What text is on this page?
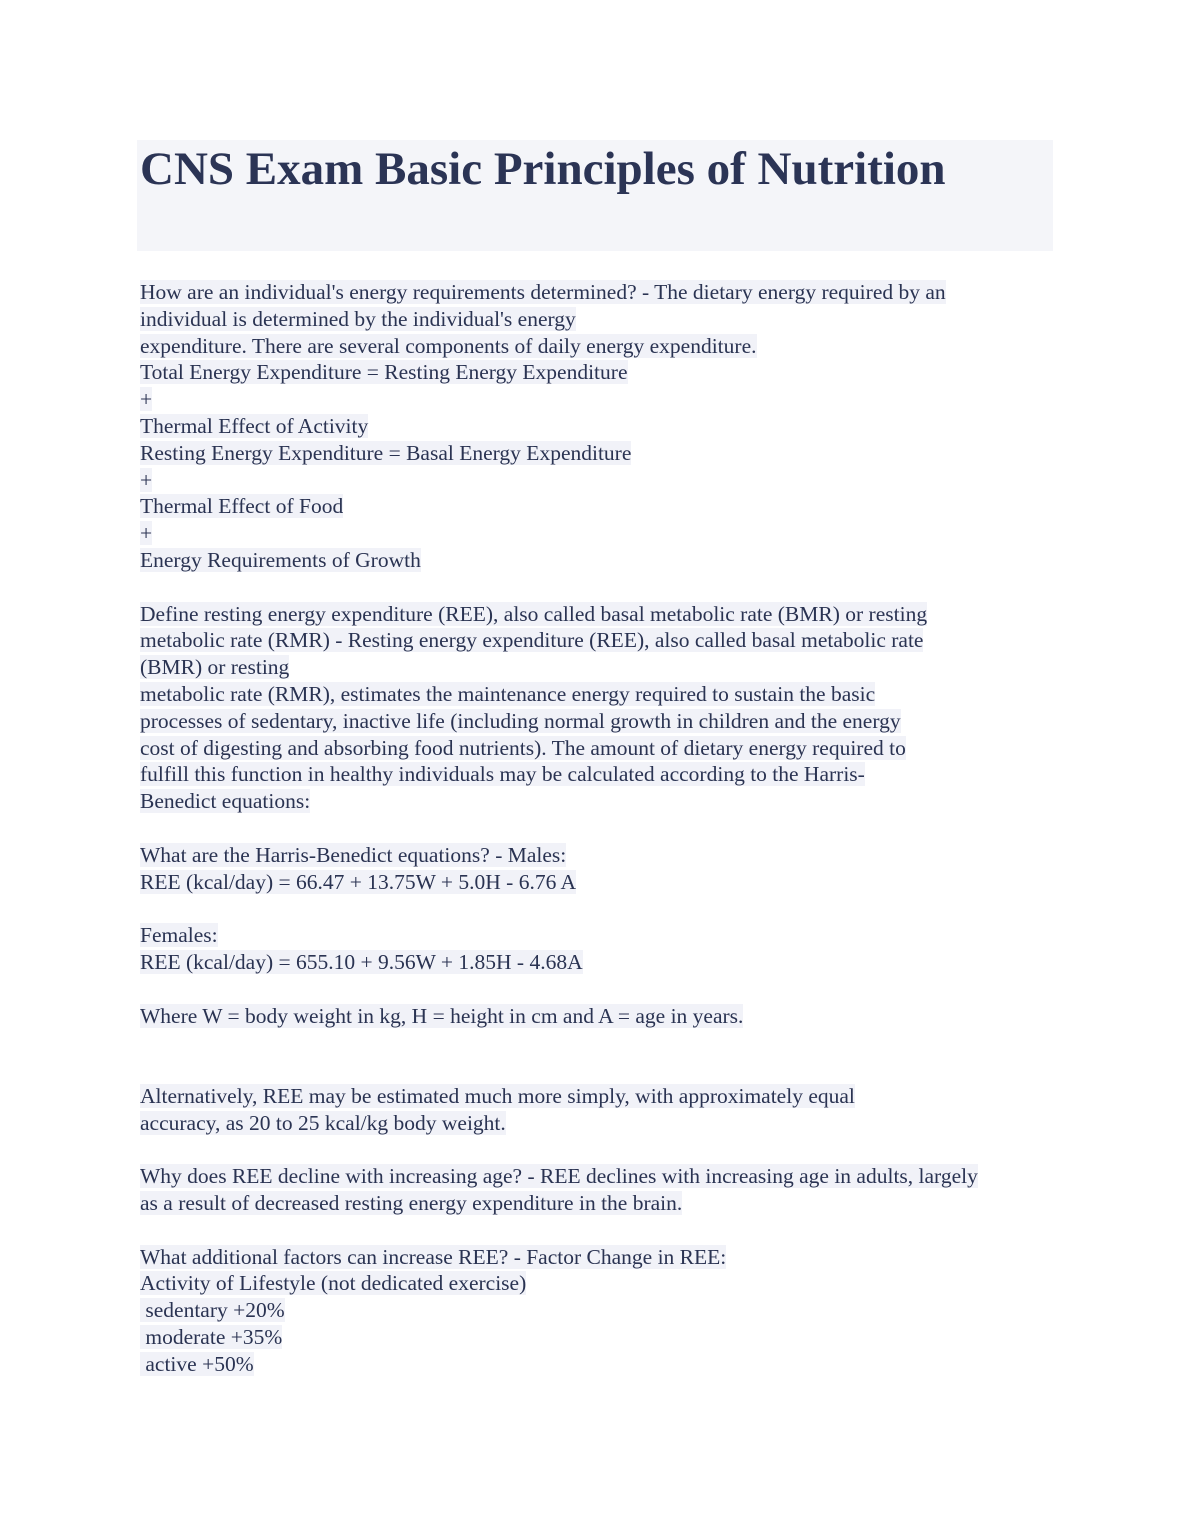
CNS Exam Basic Principles of Nutrition
How are an individual's energy requirements determined? - The dietary energy required by an
individual is determined by the individual's energy
expenditure. There are several components of daily energy expenditure.
Total Energy Expenditure = Resting Energy Expenditure
+
Thermal Effect of Activity
Resting Energy Expenditure = Basal Energy Expenditure
+
Thermal Effect of Food
+
Energy Requirements of Growth
Define resting energy expenditure (REE), also called basal metabolic rate (BMR) or resting
metabolic rate (RMR) - Resting energy expenditure (REE), also called basal metabolic rate
(BMR) or resting
metabolic rate (RMR), estimates the maintenance energy required to sustain the basic
processes of sedentary, inactive life (including normal growth in children and the energy
cost of digesting and absorbing food nutrients). The amount of dietary energy required to
fulfill this function in healthy individuals may be calculated according to the Harris-
Benedict equations:
What are the Harris-Benedict equations? - Males:
REE (kcal/day) = 66.47 + 13.75W + 5.0H - 6.76 A
Females:
REE (kcal/day) = 655.10 + 9.56W + 1.85H - 4.68A
Where W = body weight in kg, H = height in cm and A = age in years.
Alternatively, REE may be estimated much more simply, with approximately equal
accuracy, as 20 to 25 kcal/kg body weight.
Why does REE decline with increasing age? - REE declines with increasing age in adults, largely
as a result of decreased resting energy expenditure in the brain.
What additional factors can increase REE? - Factor Change in REE:
Activity of Lifestyle (not dedicated exercise)
sedentary +20%
moderate +35%
active +50%
